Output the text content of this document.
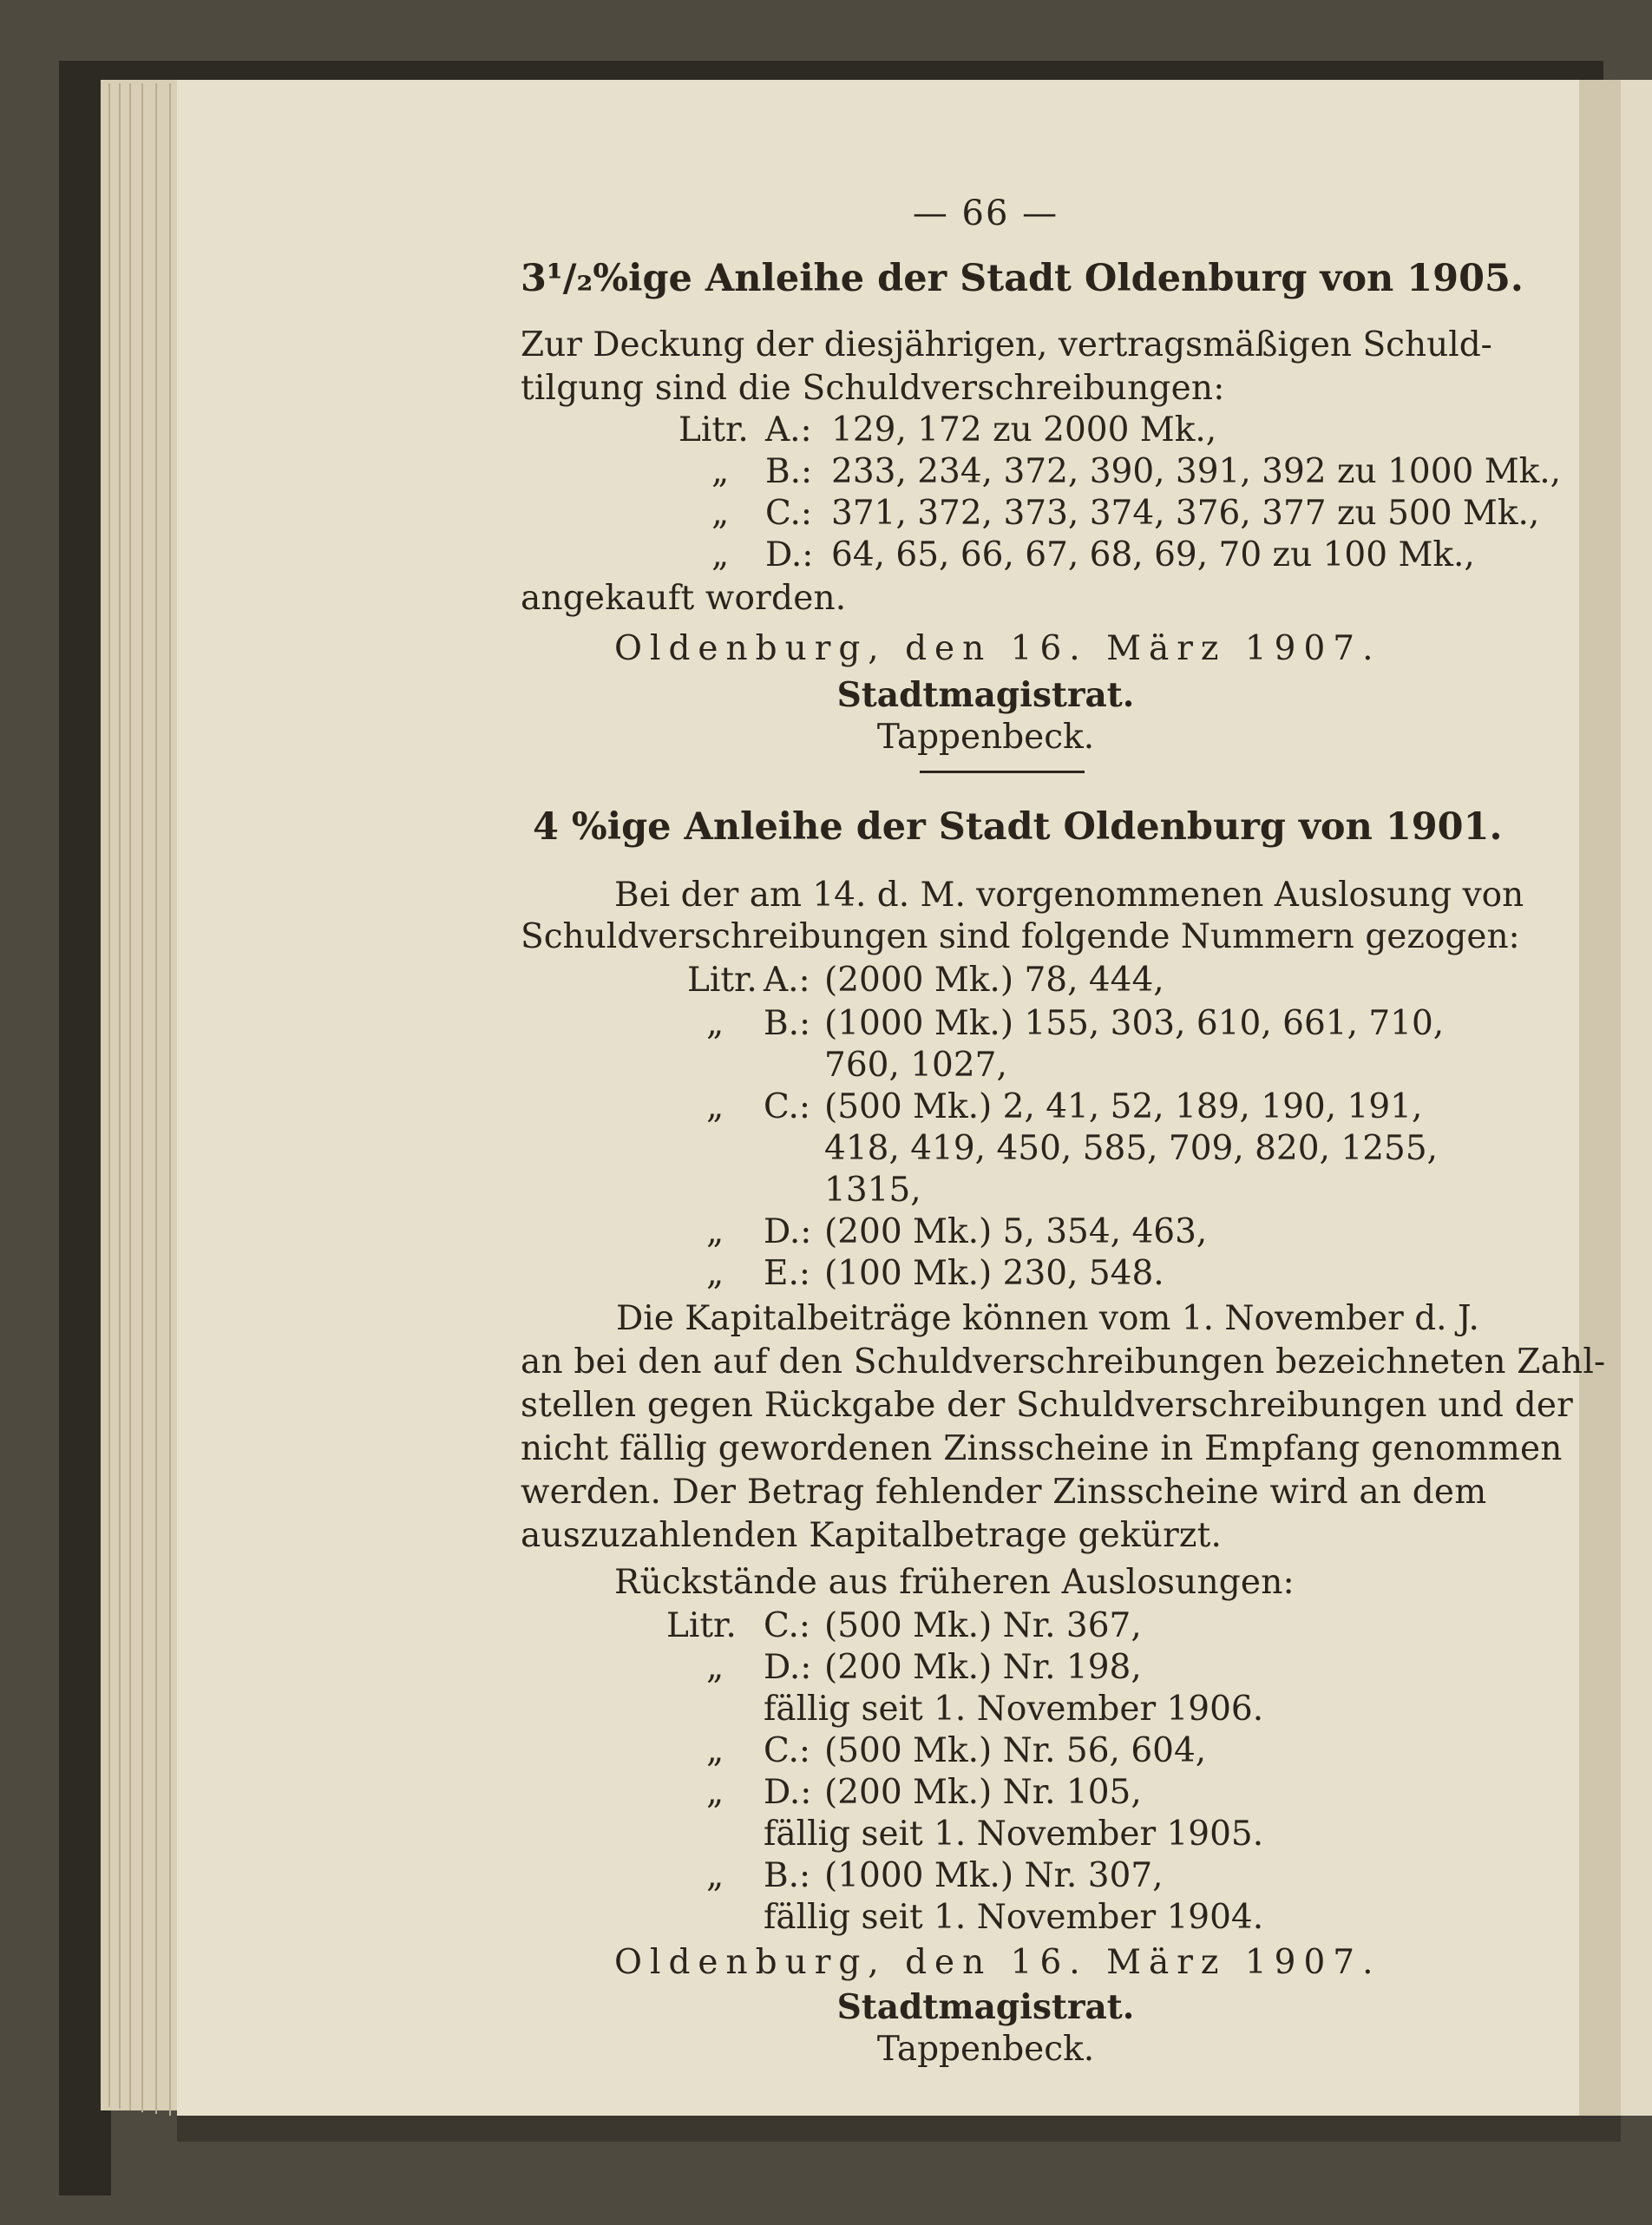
— 66 —
3¹/₂%ige Anleihe der Stadt Oldenburg von 1905.
Zur Deckung der diesjährigen, vertragsmäßigen Schuld-
tilgung sind die Schuldverschreibungen:
Litr. A.: 129, 172 zu 2000 Mk.,
„ B.: 233, 234, 372, 390, 391, 392 zu 1000 Mk.,
„ C.: 371, 372, 373, 374, 376, 377 zu 500 Mk.,
„ D.: 64, 65, 66, 67, 68, 69, 70 zu 100 Mk.,
angekauft worden.
Oldenburg, den 16. März 1907.
Stadtmagistrat.
Tappenbeck.
4 %ige Anleihe der Stadt Oldenburg von 1901.
Bei der am 14. d. M. vorgenommenen Auslosung von
Schuldverschreibungen sind folgende Nummern gezogen:
Litr. A.: (2000 Mk.) 78, 444,
„ B.: (1000 Mk.) 155, 303, 610, 661, 710,
760, 1027,
„ C.: (500 Mk.) 2, 41, 52, 189, 190, 191,
418, 419, 450, 585, 709, 820, 1255,
1315,
„ D.: (200 Mk.) 5, 354, 463,
„ E.: (100 Mk.) 230, 548.
Die Kapitalbeiträge können vom 1. November d. J.
an bei den auf den Schuldverschreibungen bezeichneten Zahl-
stellen gegen Rückgabe der Schuldverschreibungen und der
nicht fällig gewordenen Zinsscheine in Empfang genommen
werden. Der Betrag fehlender Zinsscheine wird an dem
auszuzahlenden Kapitalbetrage gekürzt.
Rückstände aus früheren Auslosungen:
Litr. C.: (500 Mk.) Nr. 367,
„ D.: (200 Mk.) Nr. 198,
fällig seit 1. November 1906.
„ C.: (500 Mk.) Nr. 56, 604,
„ D.: (200 Mk.) Nr. 105,
fällig seit 1. November 1905.
„ B.: (1000 Mk.) Nr. 307,
fällig seit 1. November 1904.
Oldenburg, den 16. März 1907.
Stadtmagistrat.
Tappenbeck.
